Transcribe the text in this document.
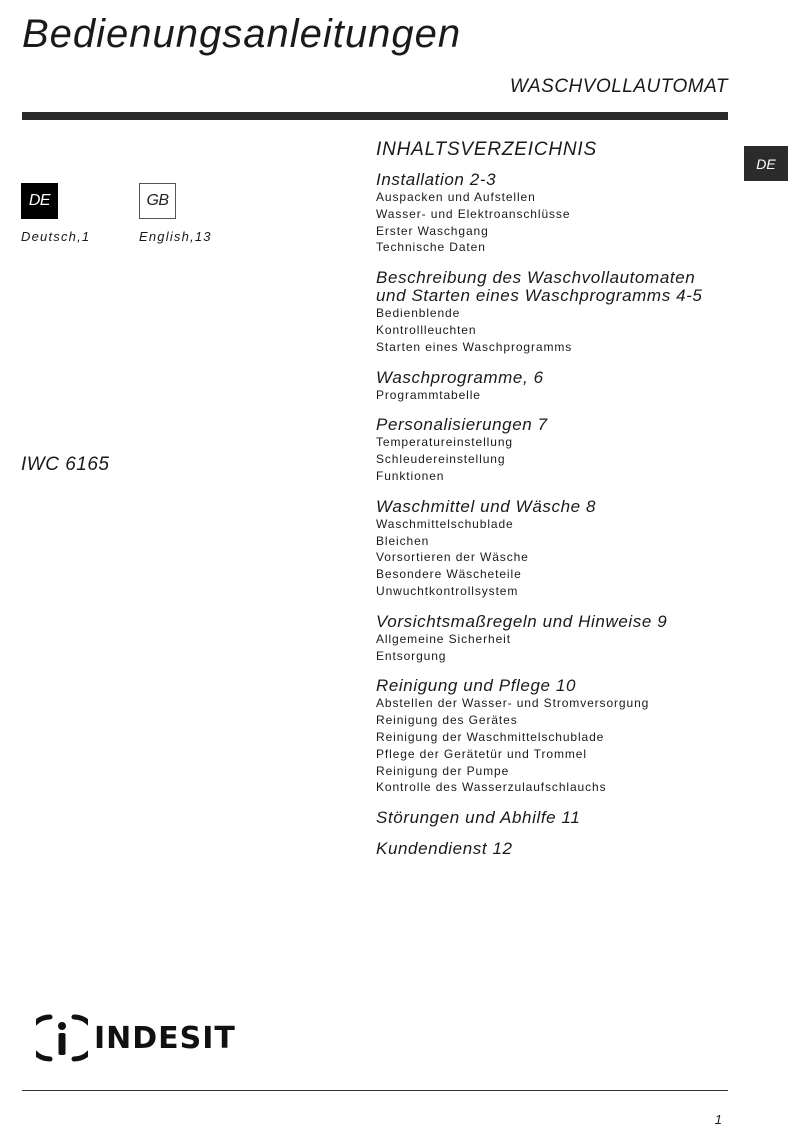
Bedienungsanleitungen
WASCHVOLLAUTOMAT
DE
DE	GB
Deutsch,1	English,13
IWC 6165
INHALTSVERZEICHNIS
Installation 2-3
Auspacken und Aufstellen
Wasser- und Elektroanschlüsse
Erster Waschgang
Technische Daten
Beschreibung des Waschvollautomaten
und Starten eines Waschprogramms 4-5
Bedienblende
Kontrollleuchten
Starten eines Waschprogramms
Waschprogramme, 6
Programmtabelle
Personalisierungen 7
Temperatureinstellung
Schleudereinstellung
Funktionen
Waschmittel und Wäsche 8
Waschmittelschublade
Bleichen
Vorsortieren der Wäsche
Besondere Wäscheteile
Unwuchtkontrollsystem
Vorsichtsmaßregeln und Hinweise 9
Allgemeine Sicherheit
Entsorgung
Reinigung und Pflege 10
Abstellen der Wasser- und Stromversorgung
Reinigung des Gerätes
Reinigung der Waschmittelschublade
Pflege der Gerätetür und Trommel
Reinigung der Pumpe
Kontrolle des Wasserzulaufschlauchs
Störungen und Abhilfe 11
Kundendienst 12
INDESIT
1
